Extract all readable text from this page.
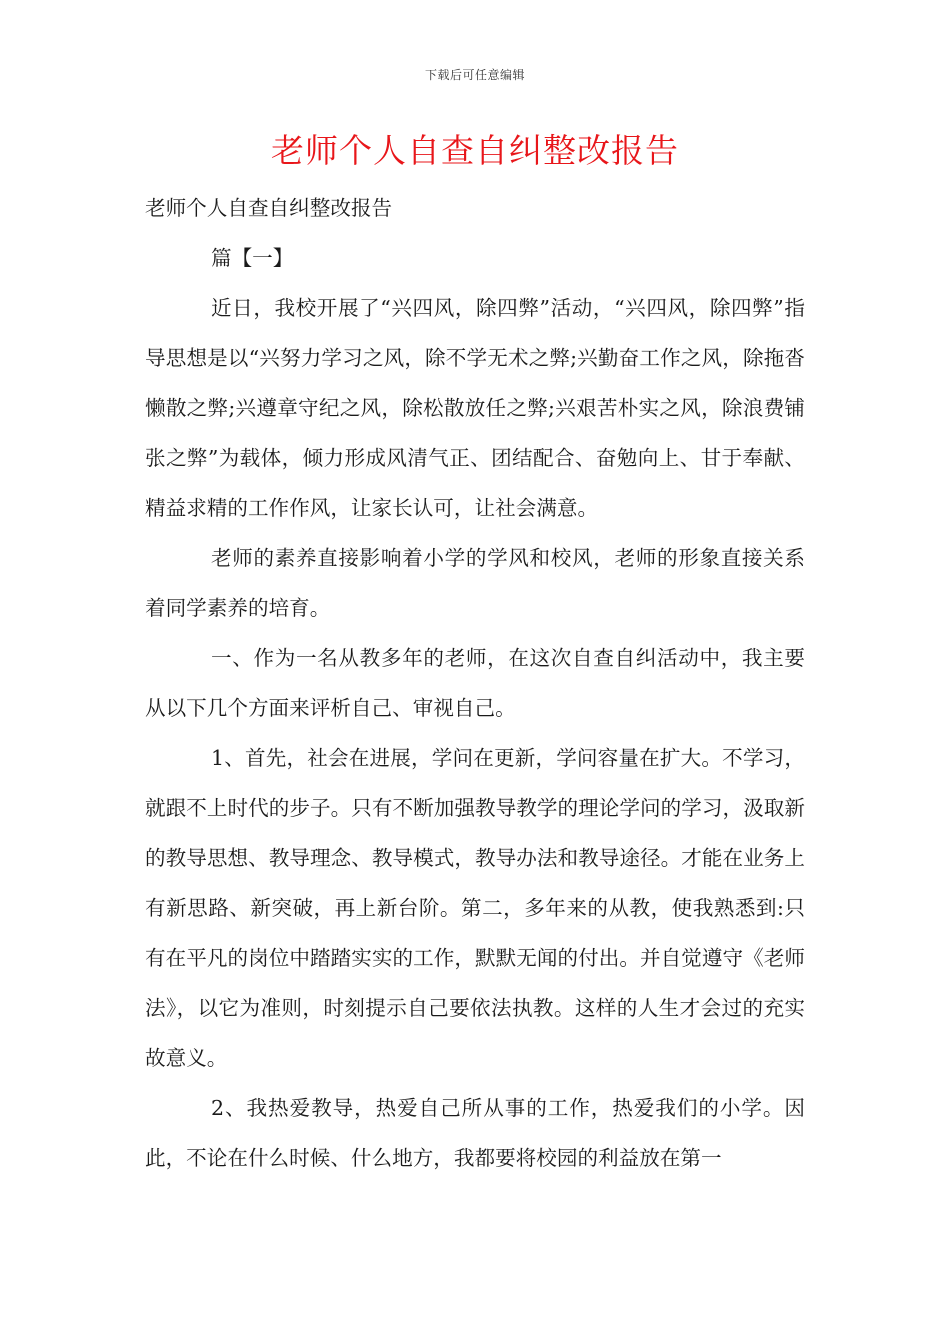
下载后可任意编辑
老师个人自查自纠整改报告

老师个人自查自纠整改报告

篇【一】

近日，我校开展了“兴四风，除四弊”活动，“兴四风，除四弊”指导思想是以“兴努力学习之风，除不学无术之弊;兴勤奋工作之风，除拖沓懒散之弊;兴遵章守纪之风，除松散放任之弊;兴艰苦朴实之风，除浪费铺张之弊”为载体，倾力形成风清气正、团结配合、奋勉向上、甘于奉献、精益求精的工作作风，让家长认可，让社会满意。

老师的素养直接影响着小学的学风和校风，老师的形象直接关系着同学素养的培育。

一、作为一名从教多年的老师，在这次自查自纠活动中，我主要从以下几个方面来评析自己、审视自己。

1、首先，社会在进展，学问在更新，学问容量在扩大。不学习，就跟不上时代的步子。只有不断加强教导教学的理论学问的学习，汲取新的教导思想、教导理念、教导模式，教导办法和教导途径。才能在业务上有新思路、新突破，再上新台阶。第二，多年来的从教，使我熟悉到:只有在平凡的岗位中踏踏实实的工作，默默无闻的付出。并自觉遵守《老师法》，以它为准则，时刻提示自己要依法执教。这样的人生才会过的充实故意义。

2、我热爱教导，热爱自己所从事的工作，热爱我们的小学。因此，不论在什么时候、什么地方，我都要将校园的利益放在第一
